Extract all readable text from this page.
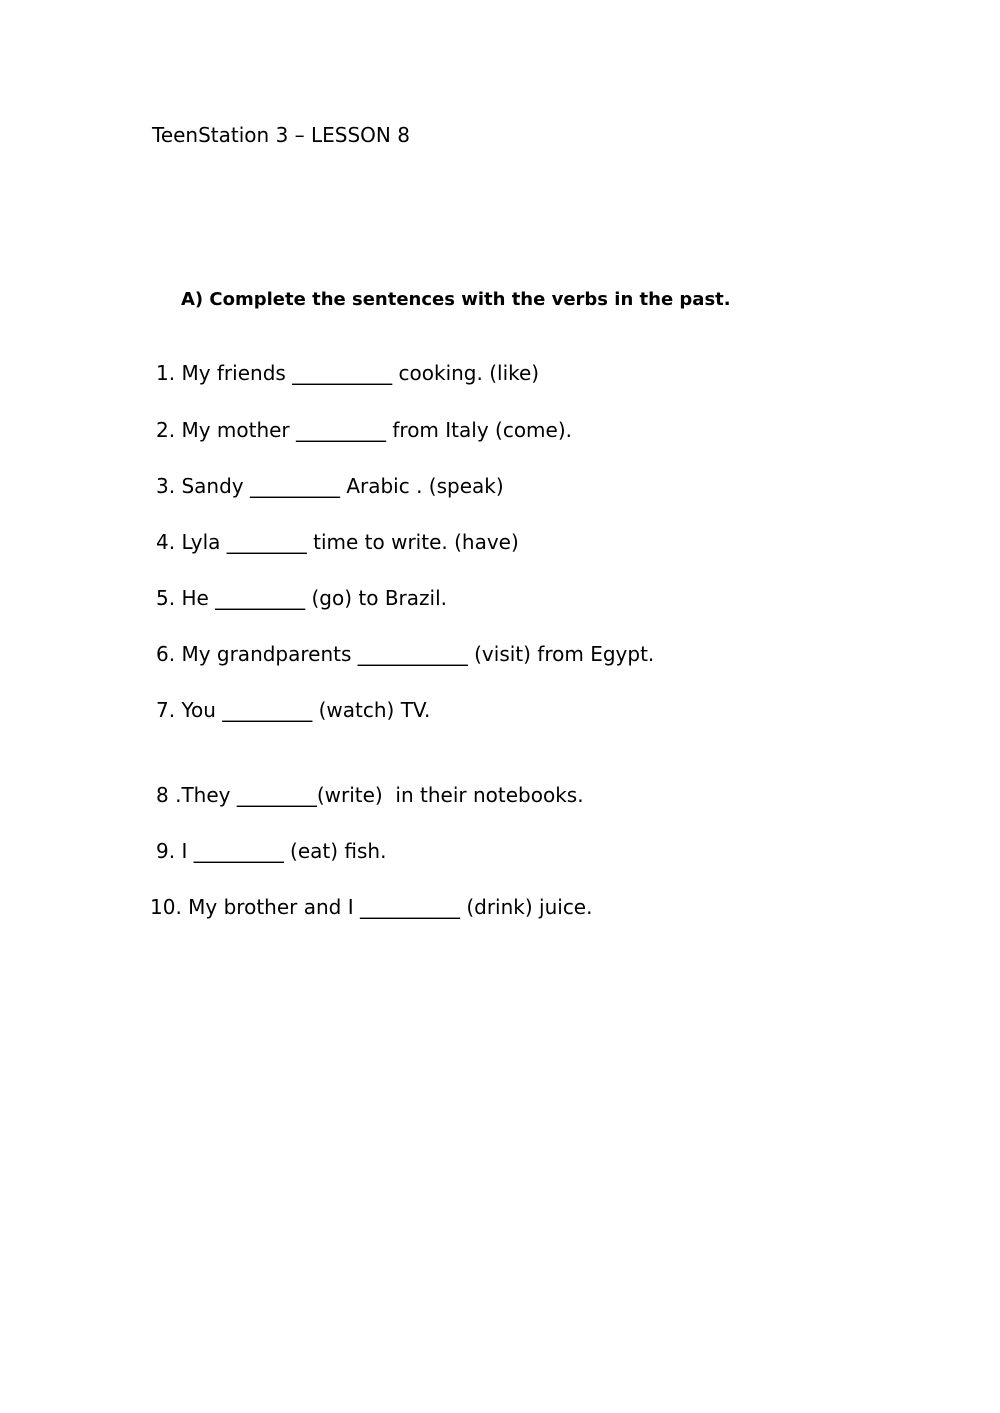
TeenStation 3 – LESSON 8
A) Complete the sentences with the verbs in the past.
1. My friends __________ cooking. (like)
2. My mother _________ from Italy (come).
3. Sandy _________ Arabic . (speak)
4. Lyla ________ time to write. (have)
5. He _________ (go) to Brazil.
6. My grandparents ___________ (visit) from Egypt.
7. You _________ (watch) TV.
8 .They ________(write)  in their notebooks.
9. I _________ (eat) fish.
10. My brother and I __________ (drink) juice.
